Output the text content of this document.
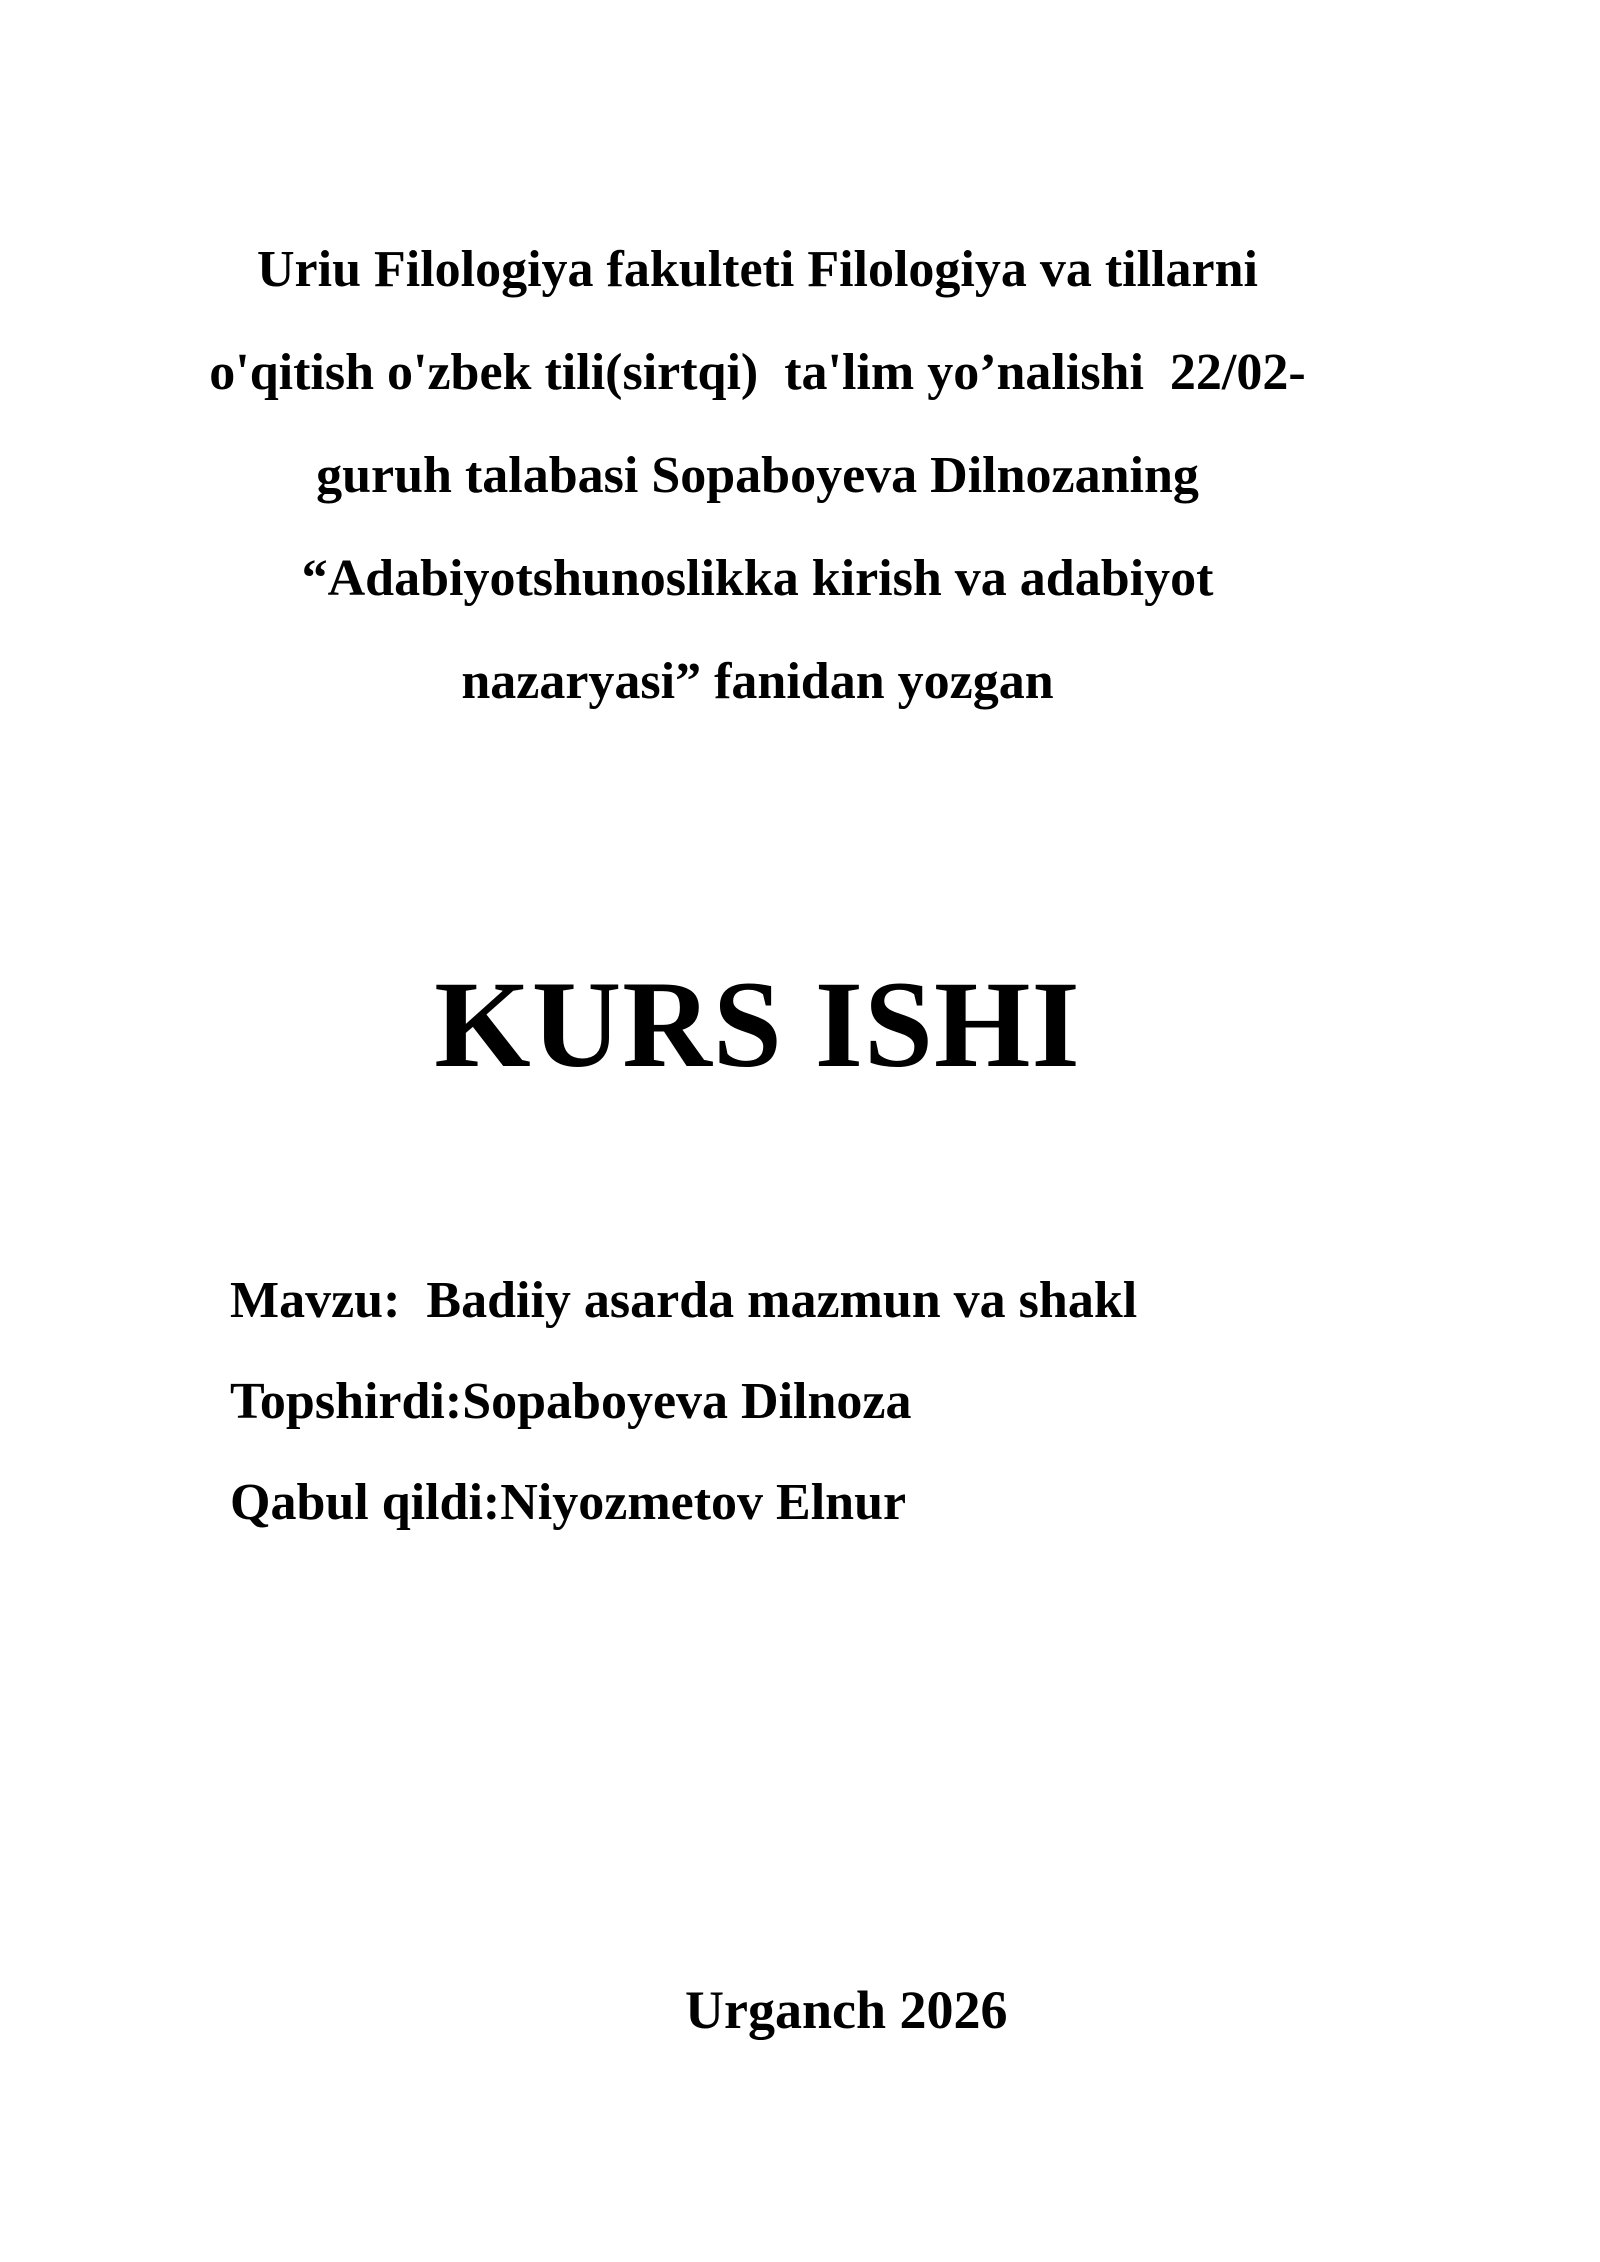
Uriu Filologiya fakulteti Filologiya va tillarni
o'qitish o'zbek tili(sirtqi)  ta'lim yo’nalishi  22/02-
guruh talabasi Sopaboyeva Dilnozaning
“Adabiyotshunoslikka kirish va adabiyot
nazaryasi” fanidan yozgan
KURS ISHI
Mavzu:  Badiiy asarda mazmun va shakl
Topshirdi:Sopaboyeva Dilnoza
Qabul qildi:Niyozmetov Elnur
Urganch 2026
